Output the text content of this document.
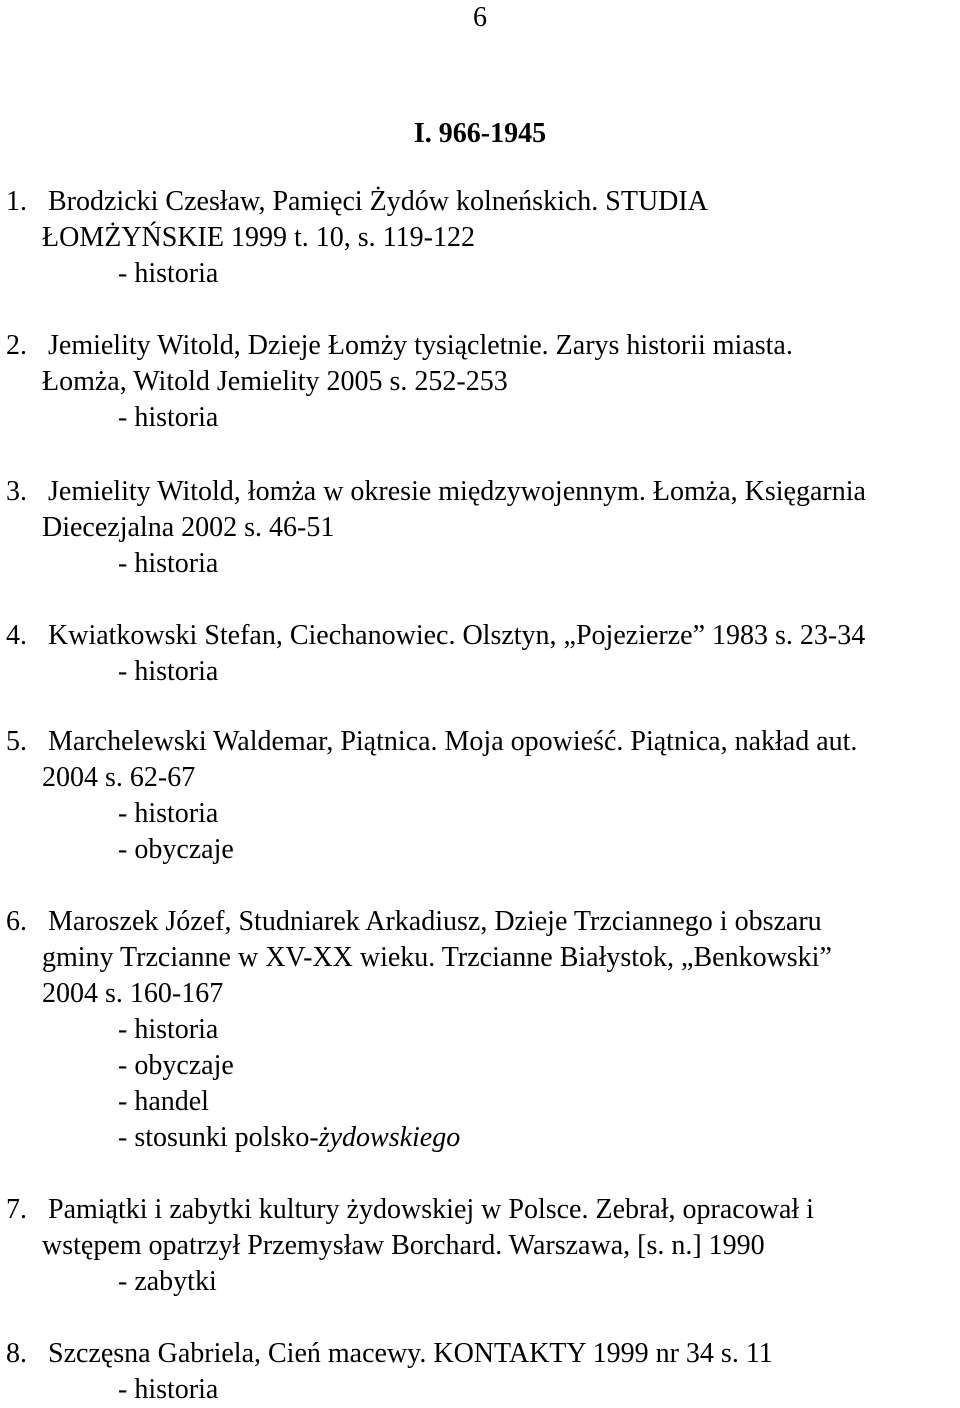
6
I. 966-1945
1. Brodzicki Czesław, Pamięci Żydów kolneńskich. STUDIA
ŁOMŻYŃSKIE 1999 t. 10, s. 119-122
- historia
2. Jemielity Witold, Dzieje Łomży tysiącletnie. Zarys historii miasta.
Łomża, Witold Jemielity 2005 s. 252-253
- historia
3. Jemielity Witold, łomża w okresie międzywojennym. Łomża, Księgarnia
Diecezjalna 2002 s. 46-51
- historia
4. Kwiatkowski Stefan, Ciechanowiec. Olsztyn, „Pojezierze” 1983 s. 23-34
- historia
5. Marchelewski Waldemar, Piątnica. Moja opowieść. Piątnica, nakład aut.
2004 s. 62-67
- historia
- obyczaje
6. Maroszek Józef, Studniarek Arkadiusz, Dzieje Trzciannego i obszaru
gminy Trzcianne w XV-XX wieku. Trzcianne Białystok, „Benkowski”
2004 s. 160-167
- historia
- obyczaje
- handel
- stosunki polsko-żydowskiego
7. Pamiątki i zabytki kultury żydowskiej w Polsce. Zebrał, opracował i
wstępem opatrzył Przemysław Borchard. Warszawa, [s. n.] 1990
- zabytki
8. Szczęsna Gabriela, Cień macewy. KONTAKTY 1999 nr 34 s. 11
- historia
